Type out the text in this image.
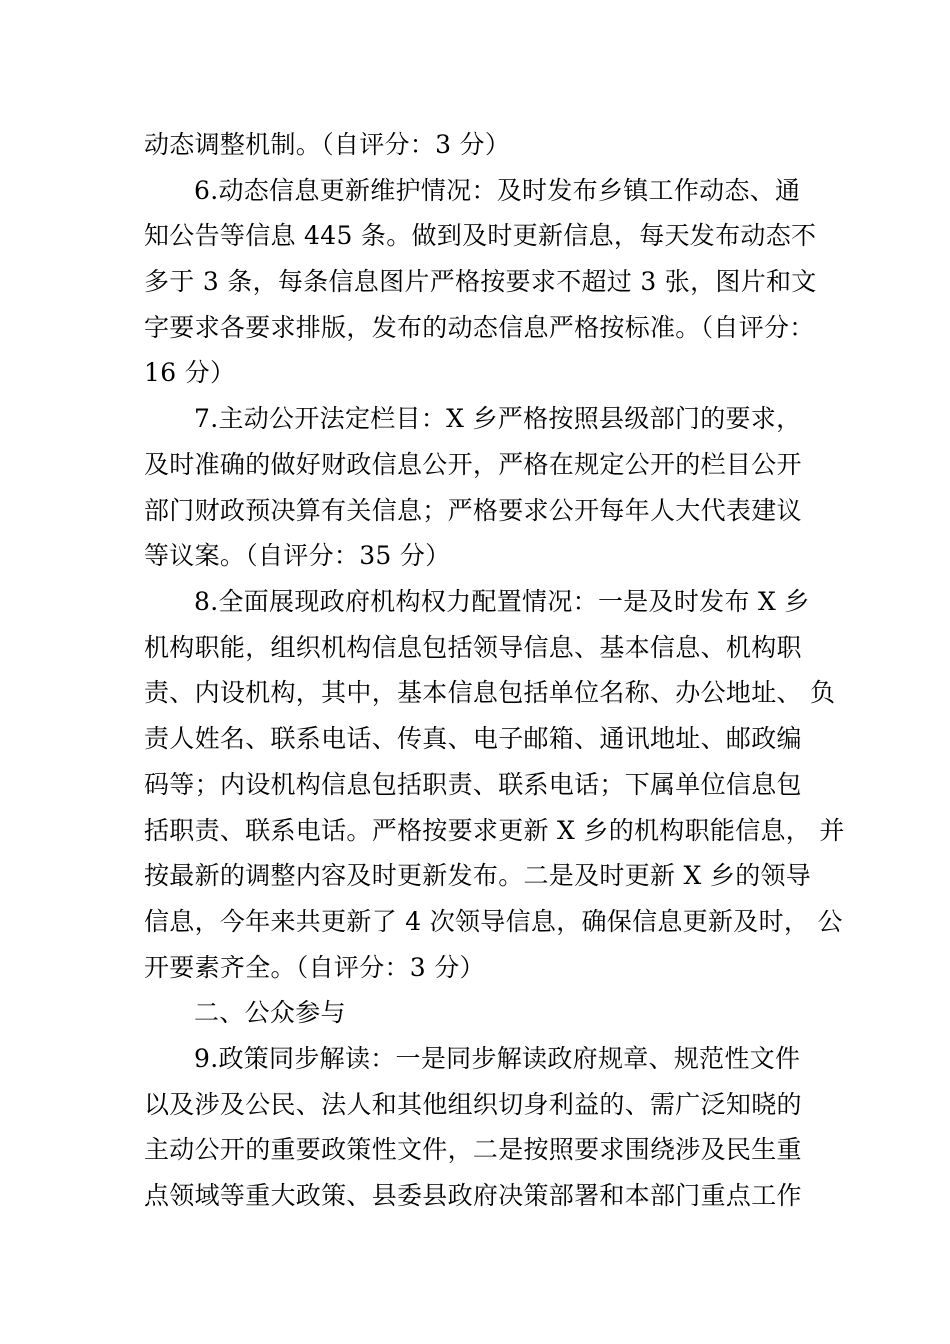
动态调整机制。（自评分：3 分）
6.动态信息更新维护情况：及时发布乡镇工作动态、通
知公告等信息 445 条。做到及时更新信息，每天发布动态不
多于 3 条，每条信息图片严格按要求不超过 3 张，图片和文
字要求各要求排版，发布的动态信息严格按标准。（自评分：
16 分）
7.主动公开法定栏目：X 乡严格按照县级部门的要求，
及时准确的做好财政信息公开，严格在规定公开的栏目公开
部门财政预决算有关信息；严格要求公开每年人大代表建议
等议案。（自评分：35 分）
8.全面展现政府机构权力配置情况：一是及时发布 X 乡
机构职能，组织机构信息包括领导信息、基本信息、机构职
责、内设机构，其中，基本信息包括单位名称、办公地址、 负
责人姓名、联系电话、传真、电子邮箱、通讯地址、邮政编
码等；内设机构信息包括职责、联系电话；下属单位信息包
括职责、联系电话。严格按要求更新 X 乡的机构职能信息， 并
按最新的调整内容及时更新发布。二是及时更新 X 乡的领导
信息，今年来共更新了 4 次领导信息，确保信息更新及时， 公
开要素齐全。（自评分：3 分）
二、公众参与
9.政策同步解读：一是同步解读政府规章、规范性文件
以及涉及公民、法人和其他组织切身利益的、需广泛知晓的
主动公开的重要政策性文件，二是按照要求围绕涉及民生重
点领域等重大政策、县委县政府决策部署和本部门重点工作
